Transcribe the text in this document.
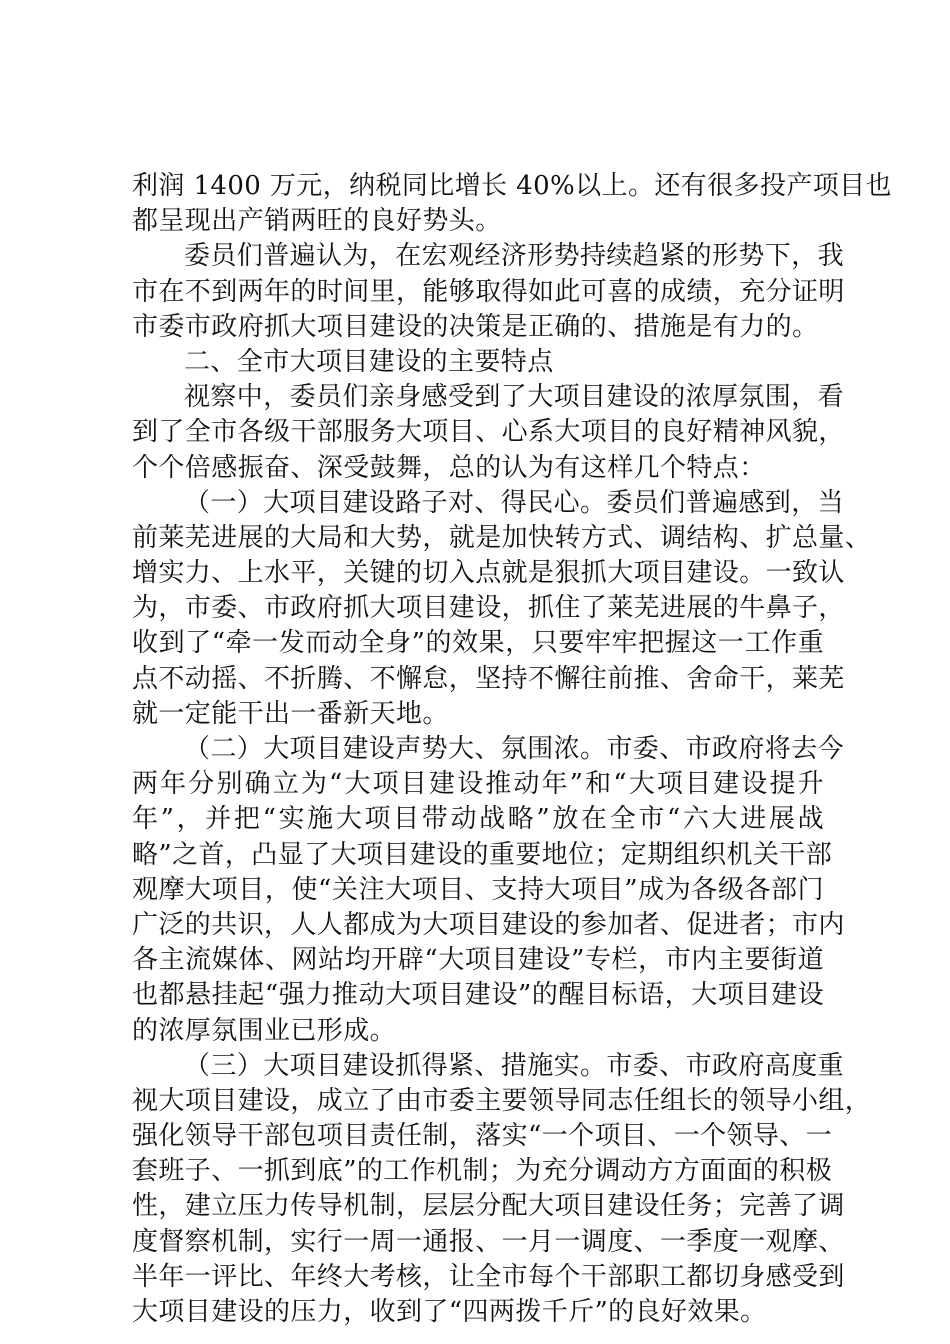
利润 1400 万元，纳税同比增长 40%以上。还有很多投产项目也
都呈现出产销两旺的良好势头。
委员们普遍认为，在宏观经济形势持续趋紧的形势下，我
市在不到两年的时间里，能够取得如此可喜的成绩，充分证明
市委市政府抓大项目建设的决策是正确的、措施是有力的。
二、全市大项目建设的主要特点
视察中，委员们亲身感受到了大项目建设的浓厚氛围，看
到了全市各级干部服务大项目、心系大项目的良好精神风貌，
个个倍感振奋、深受鼓舞，总的认为有这样几个特点：
（一）大项目建设路子对、得民心。委员们普遍感到，当
前莱芜进展的大局和大势，就是加快转方式、调结构、扩总量、
增实力、上水平，关键的切入点就是狠抓大项目建设。一致认
为，市委、市政府抓大项目建设，抓住了莱芜进展的牛鼻子，
收到了“牵一发而动全身”的效果，只要牢牢把握这一工作重
点不动摇、不折腾、不懈怠，坚持不懈往前推、舍命干，莱芜
就一定能干出一番新天地。
（二）大项目建设声势大、氛围浓。市委、市政府将去今
两年分别确立为“大项目建设推动年”和“大项目建设提升
年”，并把“实施大项目带动战略”放在全市“六大进展战
略”之首，凸显了大项目建设的重要地位；定期组织机关干部
观摩大项目，使“关注大项目、支持大项目”成为各级各部门
广泛的共识，人人都成为大项目建设的参加者、促进者；市内
各主流媒体、网站均开辟“大项目建设”专栏，市内主要街道
也都悬挂起“强力推动大项目建设”的醒目标语，大项目建设
的浓厚氛围业已形成。
（三）大项目建设抓得紧、措施实。市委、市政府高度重
视大项目建设，成立了由市委主要领导同志任组长的领导小组，
强化领导干部包项目责任制，落实“一个项目、一个领导、一
套班子、一抓到底”的工作机制；为充分调动方方面面的积极
性，建立压力传导机制，层层分配大项目建设任务；完善了调
度督察机制，实行一周一通报、一月一调度、一季度一观摩、
半年一评比、年终大考核，让全市每个干部职工都切身感受到
大项目建设的压力，收到了“四两拨千斤”的良好效果。
